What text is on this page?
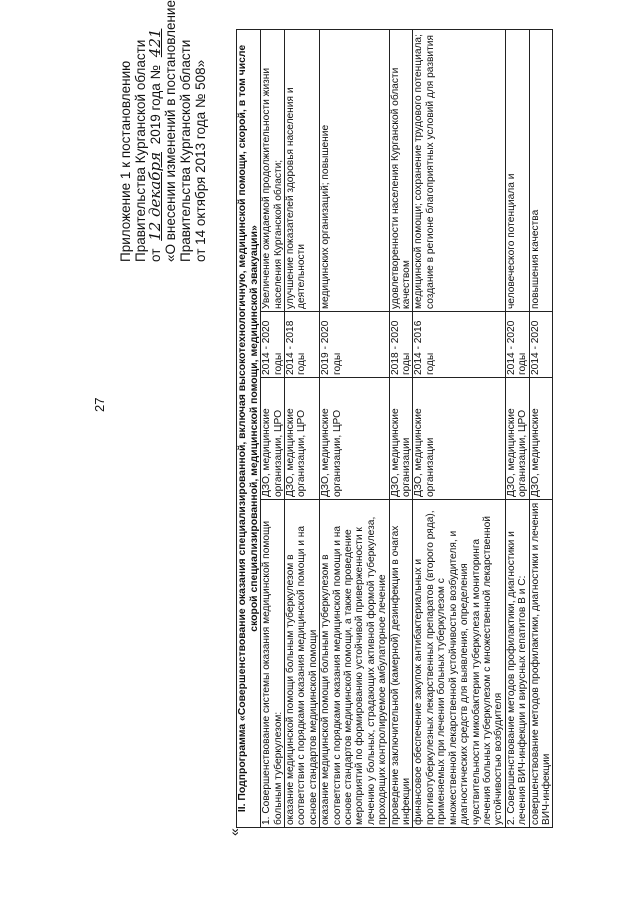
27
Приложение 1 к постановлению Правительства Курганской области от 12 декабря 2019 года № 421 «О внесении изменений в постановление Правительства Курганской области от 14 октября 2013 года № 508»
«
II. Подпрограмма «Совершенствование оказания специализированной, включая высокотехнологичную, медицинской помощи, скорой, в том числе скорой специализированной, медицинской помощи, медицинской эвакуации»			
1. Совершенствование системы оказания медицинской помощи больным туберкулезом:	ДЗО, медицинские организации, ЦРО	2014 - 2020 годы	Увеличение ожидаемой продолжительности жизни населения Курганской области;
оказание медицинской помощи больным туберкулезом в соответствии с порядками оказания медицинской помощи и на основе стандартов медицинской помощи	ДЗО, медицинские организации, ЦРО	2014 - 2018 годы	улучшение показателей здоровья населения и деятельности
оказание медицинской помощи больным туберкулезом в соответствии с порядками оказания медицинской помощи и на основе стандартов медицинской помощи, а также проведение мероприятий по формированию устойчивой приверженности к лечению у больных, страдающих активной формой туберкулеза, проходящих контролируемое амбулаторное лечение	ДЗО, медицинские организации, ЦРО	2019 - 2020 годы	медицинских организаций; повышение
проведение заключительной (камерной) дезинфекции в очагах инфекции	ДЗО, медицинские организации	2018 - 2020 годы	удовлетворенности населения Курганской области качеством
финансовое обеспечение закупок антибактериальных и противотуберкулезных лекарственных препаратов (второго ряда), применяемых при лечении больных туберкулезом с множественной лекарственной устойчивостью возбудителя, и диагностических средств для выявления, определения чувствительности микобактерии туберкулеза и мониторинга лечения больных туберкулезом с множественной лекарственной устойчивостью возбудителя	ДЗО, медицинские организации	2014 - 2016 годы	медицинской помощи; сохранение трудового потенциала; создание в регионе благоприятных условий для развития
2. Совершенствование методов профилактики, диагностики и лечения ВИЧ-инфекции и вирусных гепатитов В и С:	ДЗО, медицинские организации, ЦРО	2014 - 2020 годы	человеческого потенциала и
совершенствование методов профилактики, диагностики и лечения ВИЧ-инфекции	ДЗО, медицинские	2014 - 2020	повышения качества
